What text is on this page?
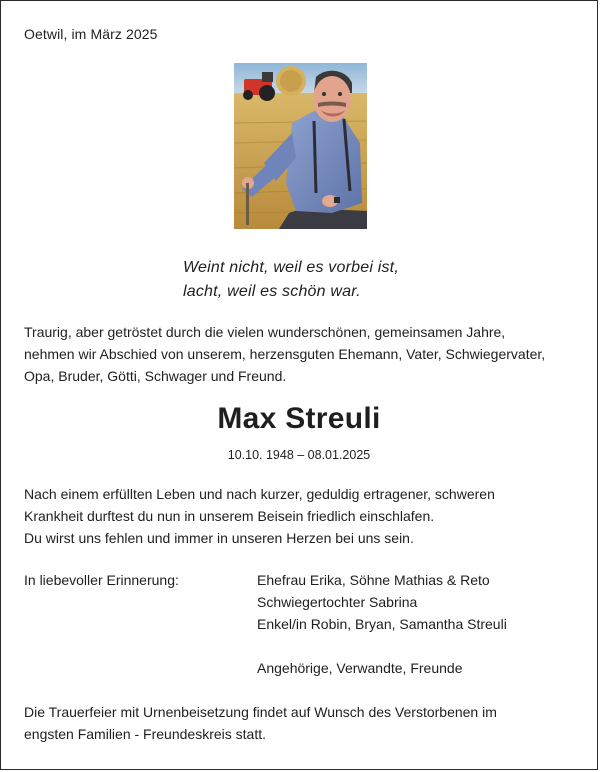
Oetwil, im März 2025

Weint nicht, weil es vorbei ist,
lacht, weil es schön war.
Traurig, aber getröstet durch die vielen wunderschönen, gemeinsamen Jahre,
nehmen wir Abschied von unserem, herzensguten Ehemann, Vater, Schwiegervater,
Opa, Bruder, Götti, Schwager und Freund.
Max Streuli

10.10. 1948 – 08.01.2025

Nach einem erfüllten Leben und nach kurzer, geduldig ertragener, schweren
Krankheit durftest du nun in unserem Beisein friedlich einschlafen.
Du wirst uns fehlen und immer in unseren Herzen bei uns sein.

In liebevoller Erinnerung:	Ehefrau Erika, Söhne Mathias & Reto
Schwiegertochter Sabrina
Enkel/in Robin, Bryan, Samantha Streuli
Angehörige, Verwandte, Freunde
Die Trauerfeier mit Urnenbeisetzung findet auf Wunsch des Verstorbenen im
engsten Familien - Freundeskreis statt.
